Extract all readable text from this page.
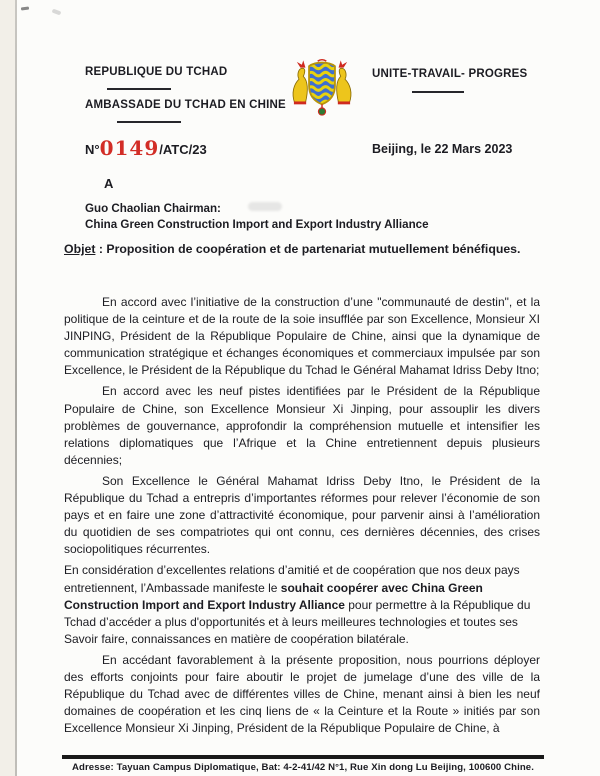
REPUBLIQUE DU TCHAD
AMBASSADE DU TCHAD EN CHINE
UNITE-TRAVAIL- PROGRES
N°0149/ATC/23	Beijing, le 22 Mars 2023
A
Guo Chaolian Chairman:
China Green Construction Import and Export Industry Alliance
Objet : Proposition de coopération et de partenariat mutuellement bénéfiques.

En accord avec l’initiative de la construction d’une "communauté de destin", et la politique de la ceinture et de la route de la soie insufflée par son Excellence, Monsieur XI JINPING, Président de la République Populaire de Chine, ainsi que la dynamique de communication stratégique et échanges économiques et commerciaux impulsée par son Excellence, le Président de la République du Tchad le Général Mahamat Idriss Deby Itno;

En accord avec les neuf pistes identifiées par le Président de la République Populaire de Chine, son Excellence Monsieur Xi Jinping, pour assouplir les divers problèmes de gouvernance, approfondir la compréhension mutuelle et intensifier les relations diplomatiques que l’Afrique et la Chine entretiennent depuis plusieurs décennies;

Son Excellence le Général Mahamat Idriss Deby Itno, le Président de la République du Tchad a entrepris d’importantes réformes pour relever l’économie de son pays et en faire une zone d’attractivité économique, pour parvenir ainsi à l’amélioration du quotidien de ses compatriotes qui ont connu, ces dernières décennies, des crises sociopolitiques récurrentes.

En considération d’excellentes relations d’amitié et de coopération que nos deux pays entretiennent, l’Ambassade manifeste le souhait coopérer avec China Green Construction Import and Export Industry Alliance pour permettre à la République du Tchad d’accéder a plus d'opportunités et à leurs meilleures technologies et toutes ses Savoir faire, connaissances en matière de coopération bilatérale.

En accédant favorablement à la présente proposition, nous pourrions déployer des efforts conjoints pour faire aboutir le projet de jumelage d’une des ville de la République du Tchad avec de différentes villes de Chine, menant ainsi à bien les neuf domaines de coopération et les cinq liens de « la Ceinture et la Route » initiés par son Excellence Monsieur Xi Jinping, Président de la République Populaire de Chine, à

Adresse: Tayuan Campus Diplomatique, Bat: 4-2-41/42 N°1, Rue Xin dong Lu Beijing, 100600 Chine.
